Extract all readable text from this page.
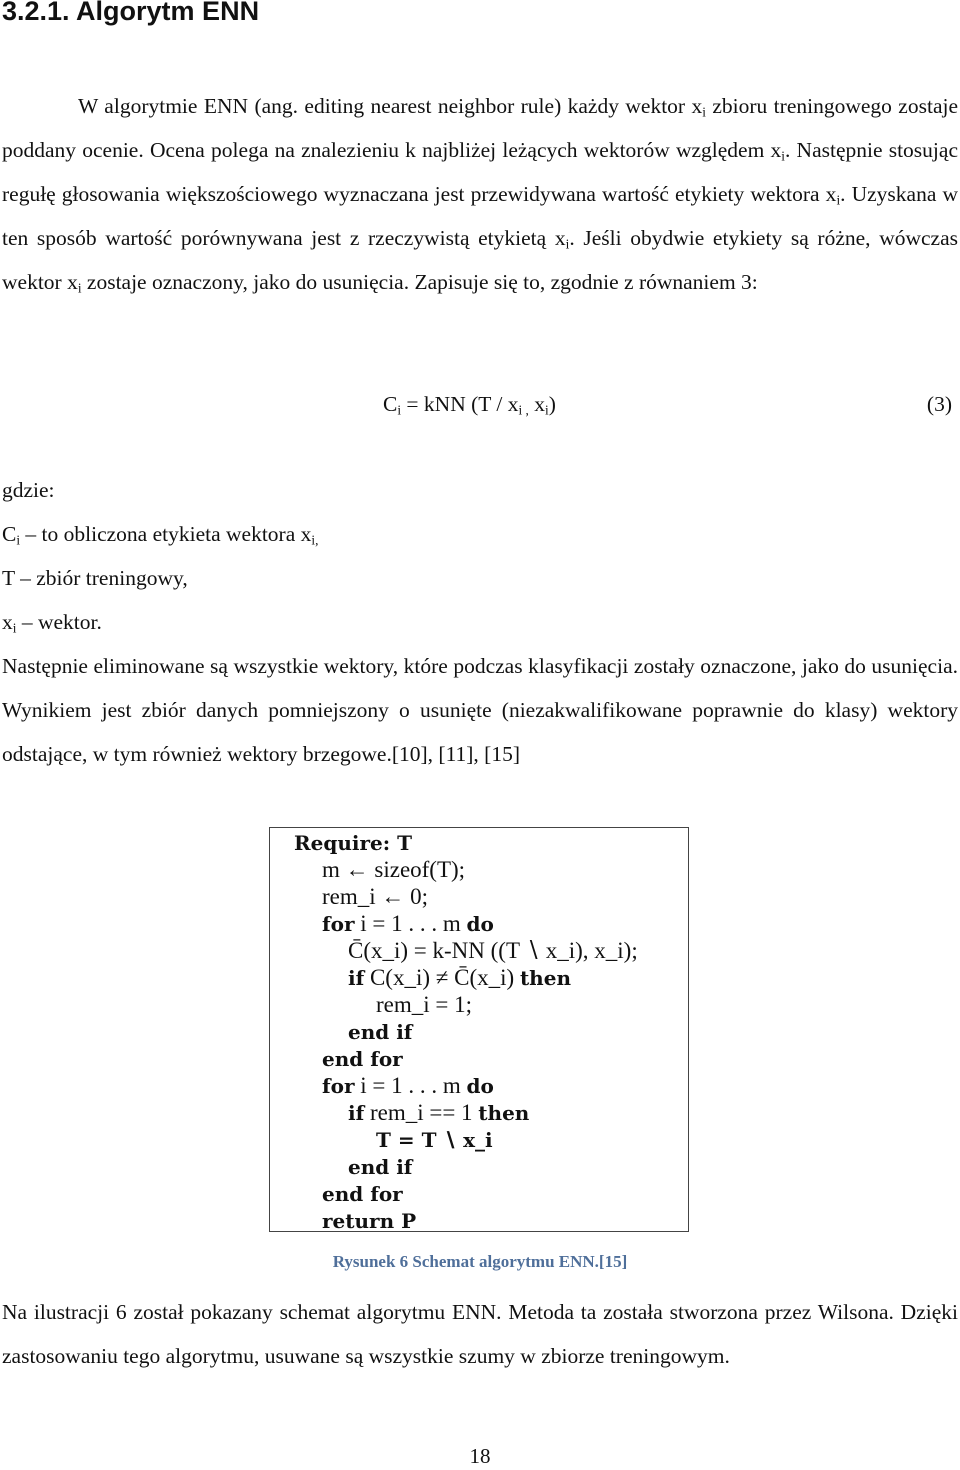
3.2.1. Algorytm ENN

W algorytmie ENN (ang. editing nearest neighbor rule) każdy wektor $x_i$ zbioru treningowego zostaje poddany ocenie. Ocena polega na znalezieniu k najbliżej leżących wektorów względem $x_i$. Następnie stosując regułę głosowania większościowego wyznaczana jest przewidywana wartość etykiety wektora $x_i$. Uzyskana w ten sposób wartość porównywana jest z rzeczywistą etykietą $x_i$. Jeśli obydwie etykiety są różne, wówczas wektor $x_i$ zostaje oznaczony, jako do usunięcia. Zapisuje się to, zgodnie z równaniem 3:

$C_i$ = kNN ($T / x_{i ,}$ $x_i$)	(3)
gdzie:
$C_i$ – to obliczona etykieta wektora $x_{i,}$
T – zbiór treningowy,
$x_i$ – wektor.

Następnie eliminowane są wszystkie wektory, które podczas klasyfikacji zostały oznaczone, jako do usunięcia. Wynikiem jest zbiór danych pomniejszony o usunięte (niezakwalifikowane poprawnie do klasy) wektory odstające, w tym również wektory brzegowe.[10], [11], [15]

Require: T
m ← sizeof(T);
rem_i ← 0;
for i = 1 . . . m do
C̄(x_i) = k-NN ((T ∖ x_i), x_i);
if C(x_i) ≠ C̄(x_i) then
rem_i = 1;
end if
end for
for i = 1 . . . m do
if rem_i == 1 then
T = T ∖ x_i
end if
end for
return P
Rysunek 6 Schemat algorytmu ENN.[15]

Na ilustracji 6 został pokazany schemat algorytmu ENN. Metoda ta została stworzona przez Wilsona. Dzięki zastosowaniu tego algorytmu, usuwane są wszystkie szumy w zbiorze treningowym.

18
